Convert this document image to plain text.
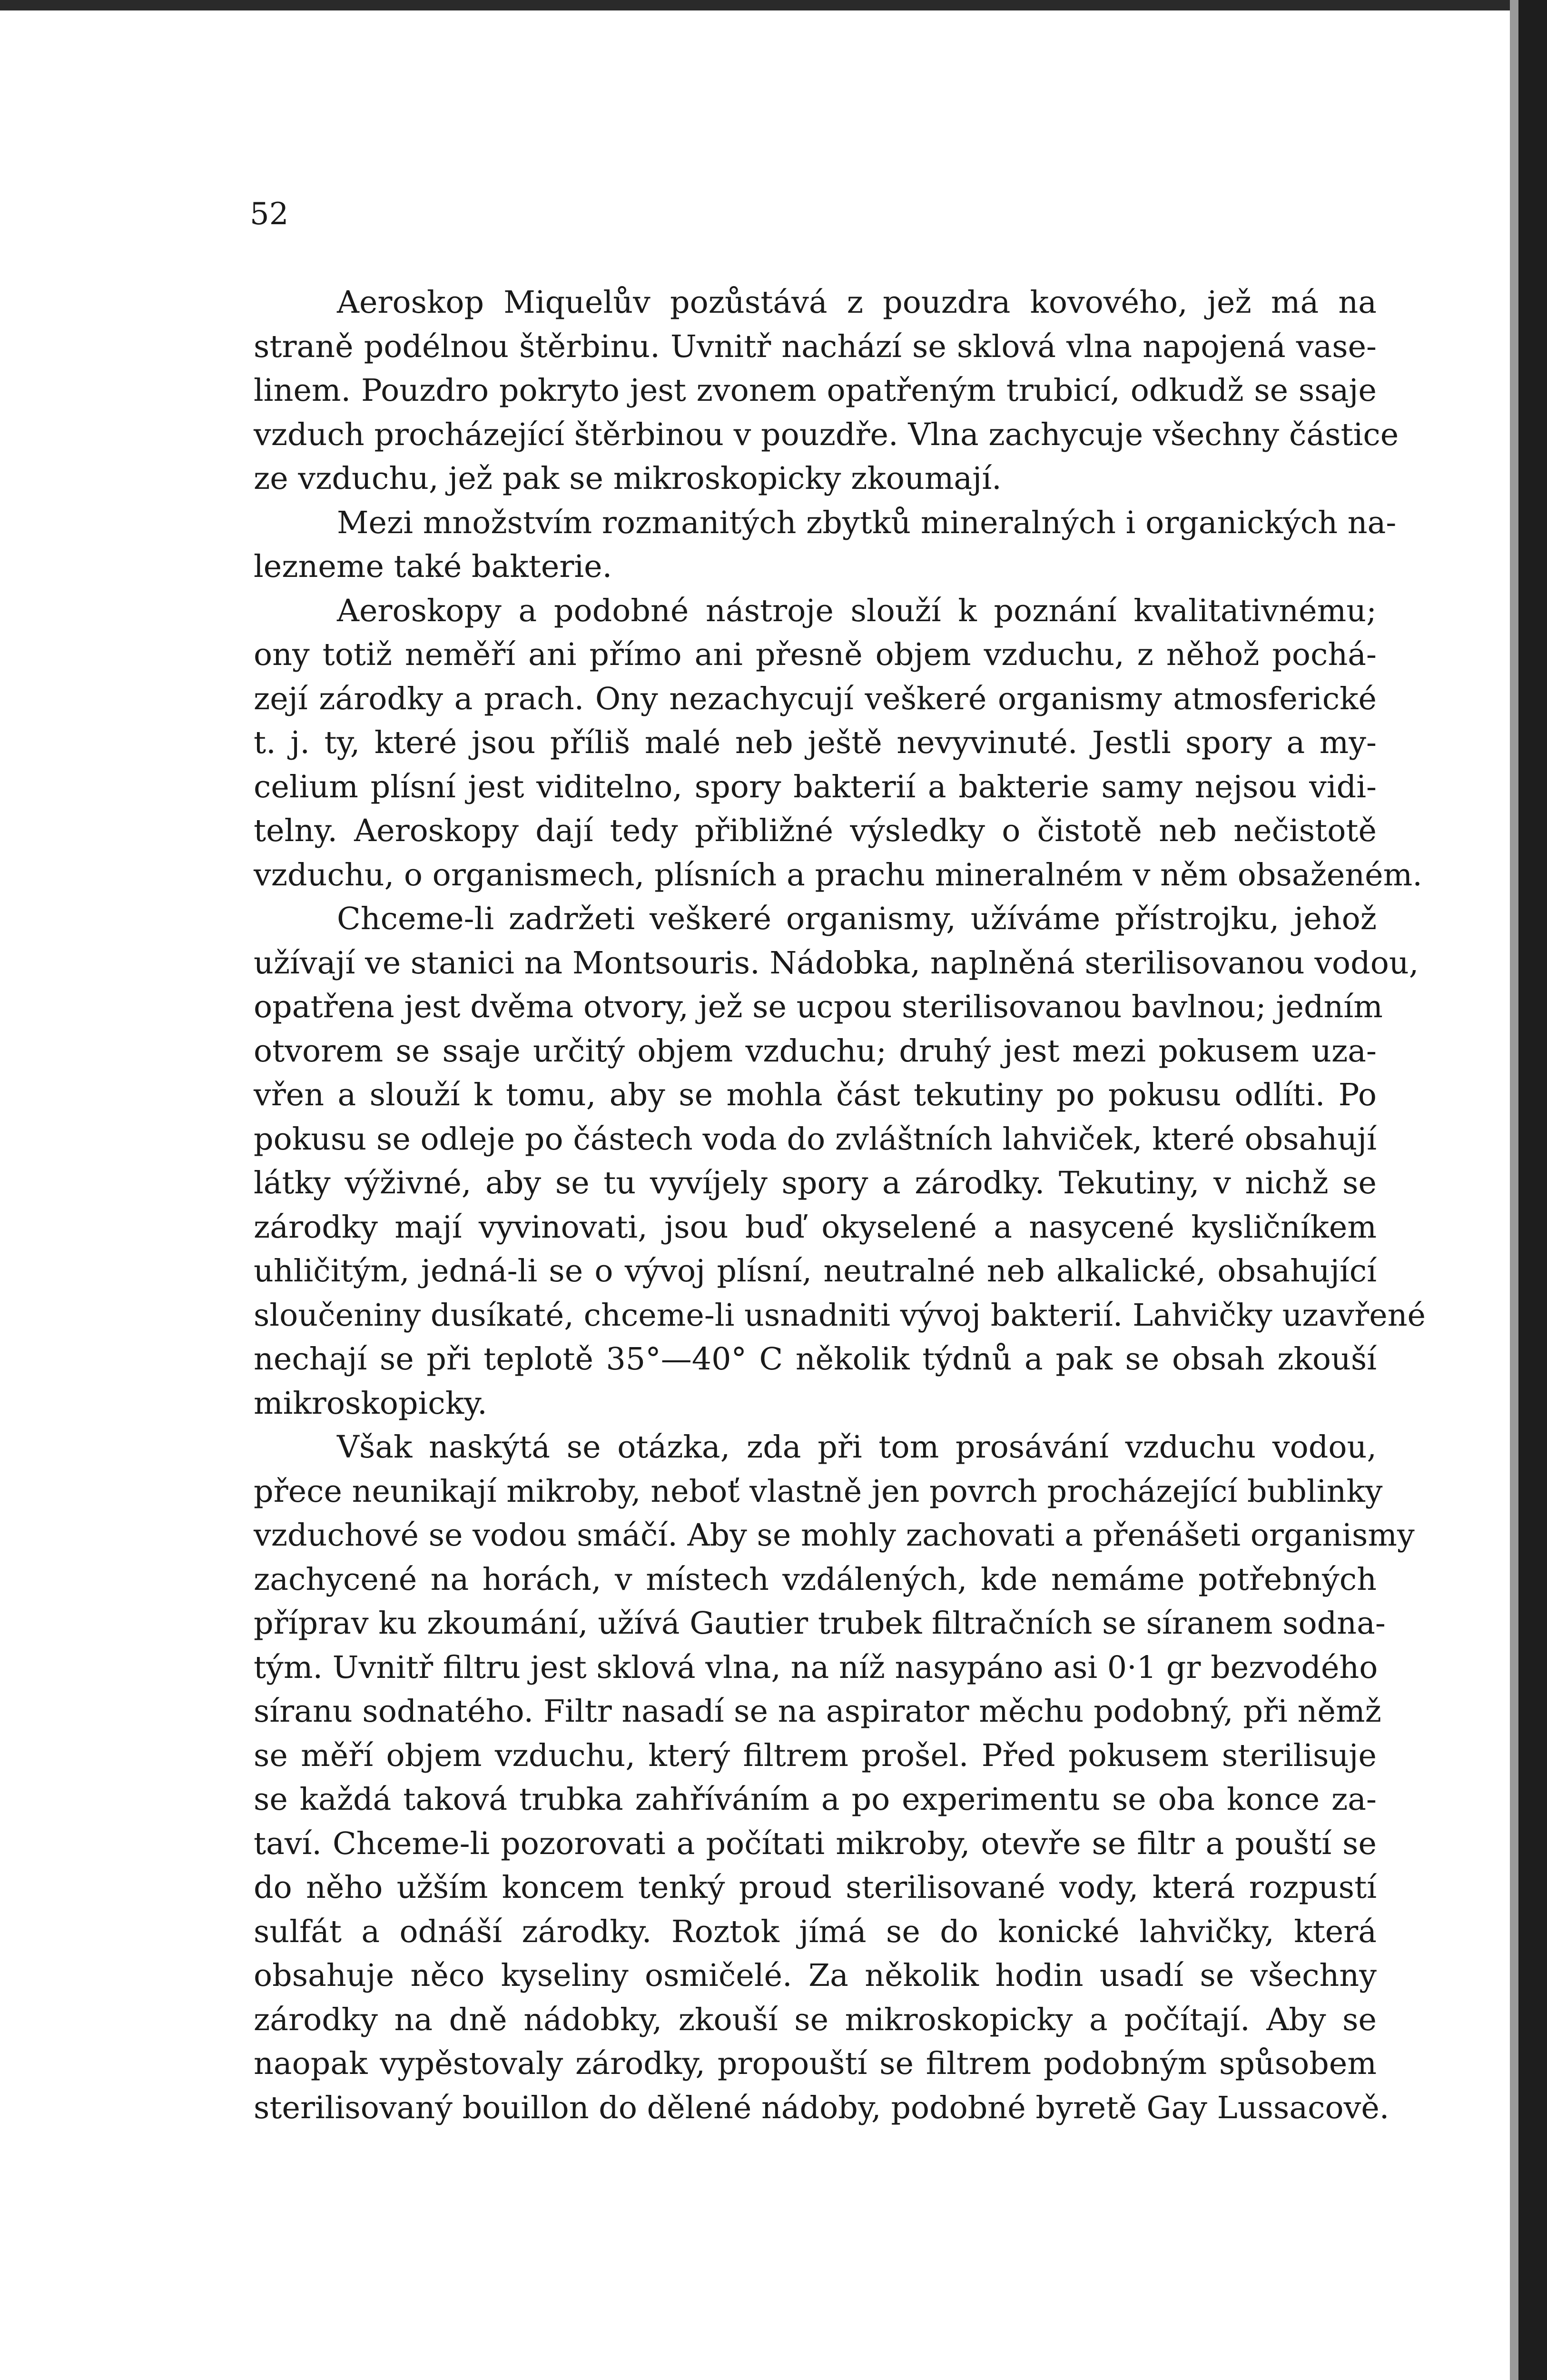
52

Aeroskop Miquelův pozůstává z pouzdra kovového, jež má na
straně podélnou štěrbinu. Uvnitř nachází se sklová vlna napojená vase-
linem. Pouzdro pokryto jest zvonem opatřeným trubicí, odkudž se ssaje
vzduch procházející štěrbinou v pouzdře. Vlna zachycuje všechny částice
ze vzduchu, jež pak se mikroskopicky zkoumají.

Mezi množstvím rozmanitých zbytků mineralných i organických na-
lezneme také bakterie.

Aeroskopy a podobné nástroje slouží k poznání kvalitativnému;
ony totiž neměří ani přímo ani přesně objem vzduchu, z něhož pochá-
zejí zárodky a prach. Ony nezachycují veškeré organismy atmosferické
t. j. ty, které jsou příliš malé neb ještě nevyvinuté. Jestli spory a my-
celium plísní jest viditelno, spory bakterií a bakterie samy nejsou vidi-
telny. Aeroskopy dají tedy přibližné výsledky o čistotě neb nečistotě
vzduchu, o organismech, plísních a prachu mineralném v něm obsaženém.

Chceme-li zadržeti veškeré organismy, užíváme přístrojku, jehož
užívají ve stanici na Montsouris. Nádobka, naplněná sterilisovanou vodou,
opatřena jest dvěma otvory, jež se ucpou sterilisovanou bavlnou; jedním
otvorem se ssaje určitý objem vzduchu; druhý jest mezi pokusem uza-
vřen a slouží k tomu, aby se mohla část tekutiny po pokusu odlíti. Po
pokusu se odleje po částech voda do zvláštních lahviček, které obsahují
látky výživné, aby se tu vyvíjely spory a zárodky. Tekutiny, v nichž se
zárodky mají vyvinovati, jsou buď okyselené a nasycené kysličníkem
uhličitým, jedná-li se o vývoj plísní, neutralné neb alkalické, obsahující
sloučeniny dusíkaté, chceme-li usnadniti vývoj bakterií. Lahvičky uzavřené
nechají se při teplotě 35°—40° C několik týdnů a pak se obsah zkouší
mikroskopicky.

Však naskýtá se otázka, zda při tom prosávání vzduchu vodou,
přece neunikají mikroby, neboť vlastně jen povrch procházející bublinky
vzduchové se vodou smáčí. Aby se mohly zachovati a přenášeti organismy
zachycené na horách, v místech vzdálených, kde nemáme potřebných
příprav ku zkoumání, užívá Gautier trubek filtračních se síranem sodna-
tým. Uvnitř filtru jest sklová vlna, na níž nasypáno asi 0·1 gr bezvodého
síranu sodnatého. Filtr nasadí se na aspirator měchu podobný, při němž
se měří objem vzduchu, který filtrem prošel. Před pokusem sterilisuje
se každá taková trubka zahříváním a po experimentu se oba konce za-
taví. Chceme-li pozorovati a počítati mikroby, otevře se filtr a pouští se
do něho užším koncem tenký proud sterilisované vody, která rozpustí
sulfát a odnáší zárodky. Roztok jímá se do konické lahvičky, která
obsahuje něco kyseliny osmičelé. Za několik hodin usadí se všechny
zárodky na dně nádobky, zkouší se mikroskopicky a počítají. Aby se
naopak vypěstovaly zárodky, propouští se filtrem podobným spůsobem
sterilisovaný bouillon do dělené nádoby, podobné byretě Gay Lussacově.
